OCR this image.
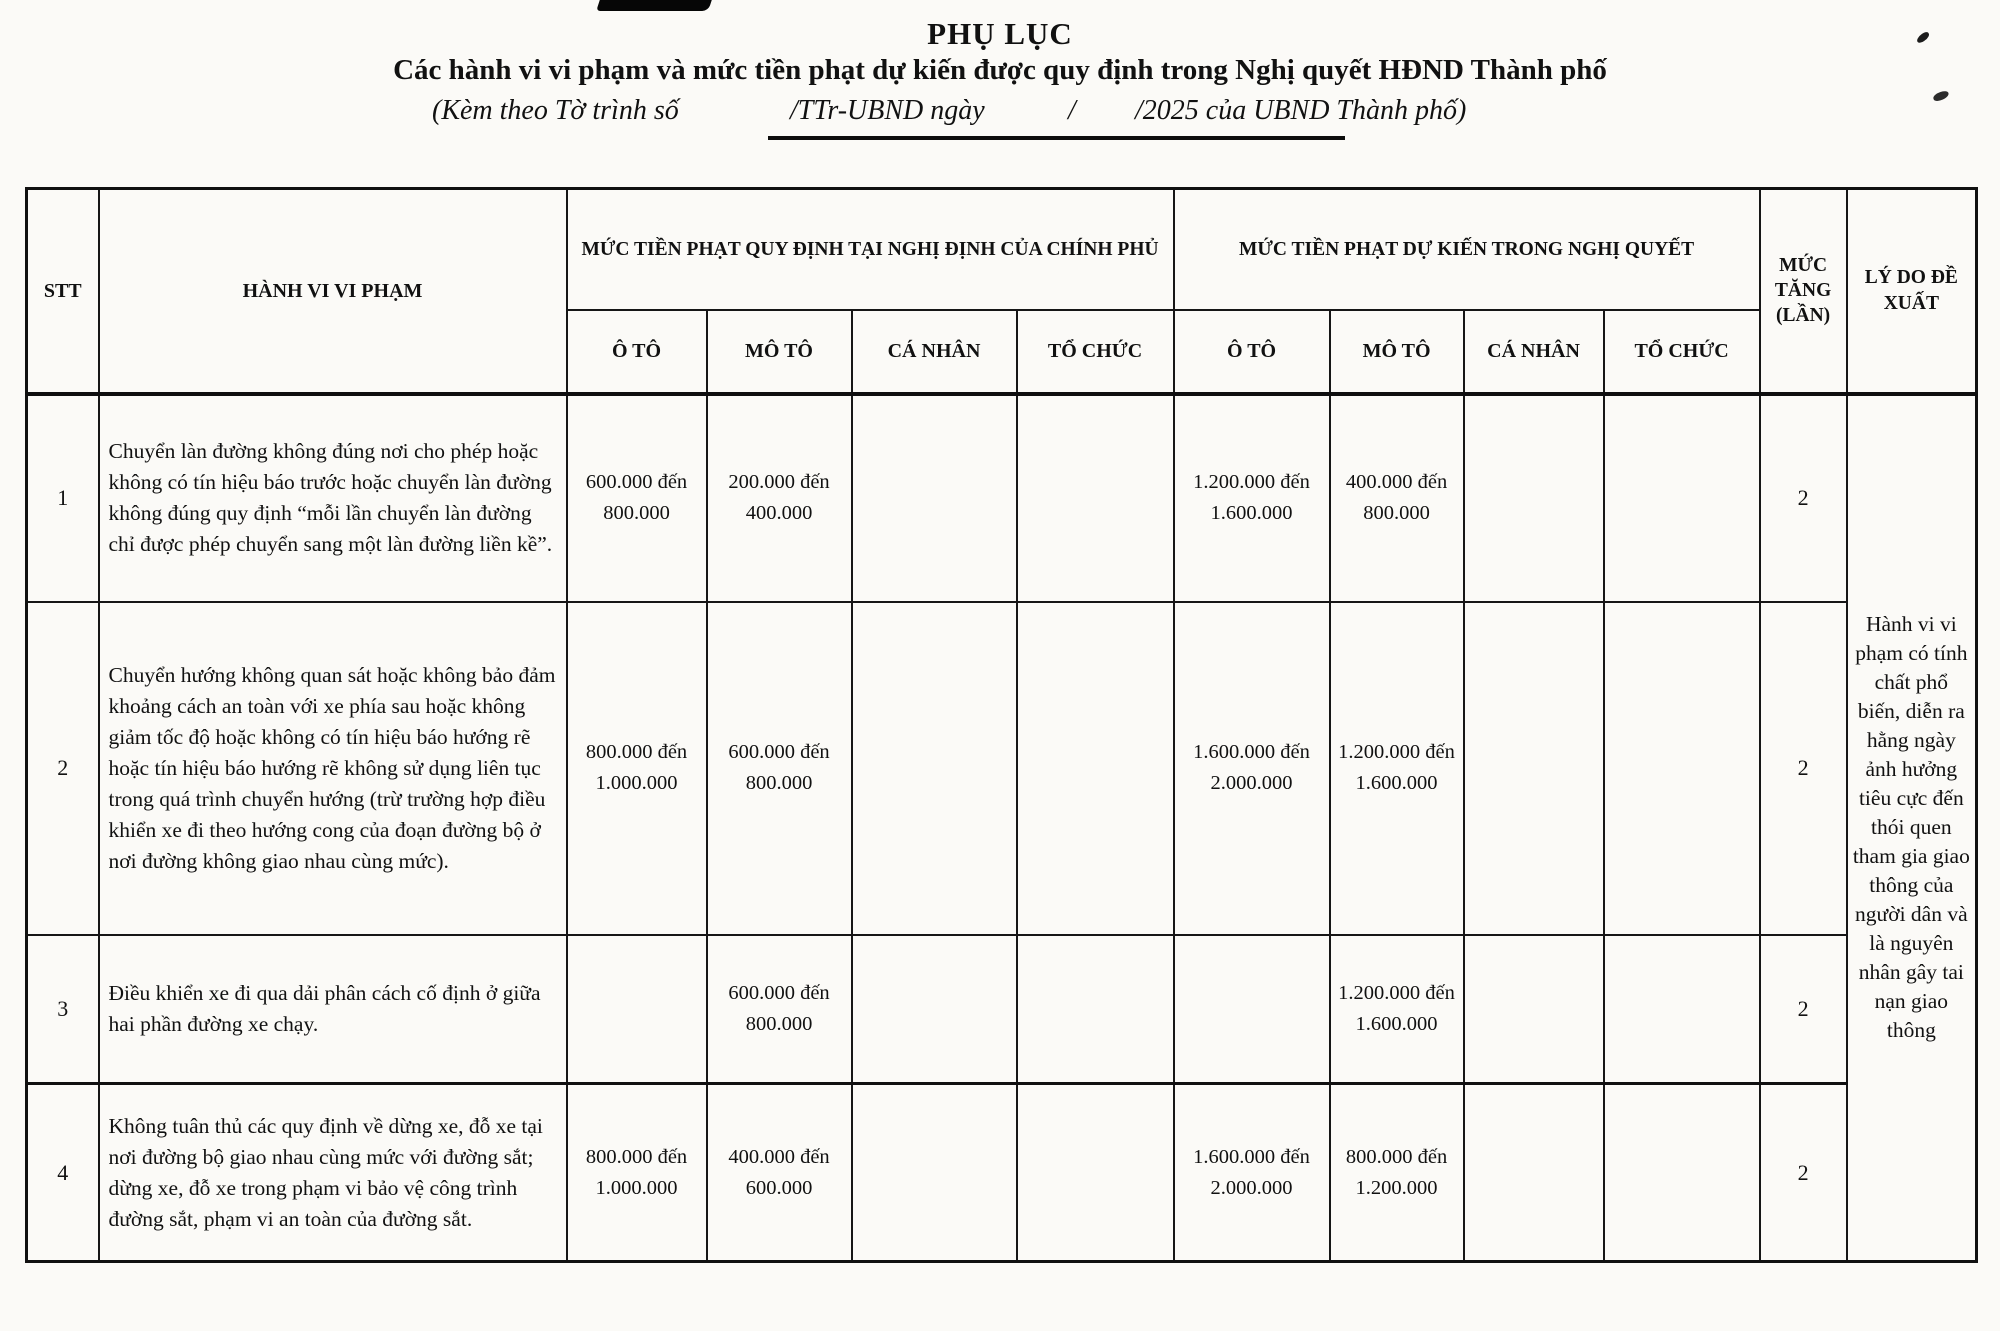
PHỤ LỤC
Các hành vi vi phạm và mức tiền phạt dự kiến được quy định trong Nghị quyết HĐND Thành phố
(Kèm theo Tờ trình số	/TTr-UBND ngày	/ /2025 của UBND Thành phố)
STT	HÀNH VI VI PHẠM	MỨC TIỀN PHẠT QUY ĐỊNH TẠI NGHỊ ĐỊNH CỦA CHÍNH PHỦ				MỨC TIỀN PHẠT DỰ KIẾN TRONG NGHỊ QUYẾT				MỨC TĂNG (LẦN)	LÝ DO ĐỀ XUẤT
		Ô TÔ	MÔ TÔ	CÁ NHÂN	TỔ CHỨC	Ô TÔ	MÔ TÔ	CÁ NHÂN	TỔ CHỨC		
1	Chuyển làn đường không đúng nơi cho phép hoặc không có tín hiệu báo trước hoặc chuyển làn đường không đúng quy định “mỗi lần chuyển làn đường chỉ được phép chuyển sang một làn đường liền kề”.	600.000 đến 800.000	200.000 đến 400.000			1.200.000 đến 1.600.000	400.000 đến 800.000			2	Hành vi vi phạm có tính chất phổ biến, diễn ra hằng ngày ảnh hưởng tiêu cực đến thói quen tham gia giao thông của người dân và là nguyên nhân gây tai nạn giao thông
2	Chuyển hướng không quan sát hoặc không bảo đảm khoảng cách an toàn với xe phía sau hoặc không giảm tốc độ hoặc không có tín hiệu báo hướng rẽ hoặc tín hiệu báo hướng rẽ không sử dụng liên tục trong quá trình chuyển hướng (trừ trường hợp điều khiển xe đi theo hướng cong của đoạn đường bộ ở nơi đường không giao nhau cùng mức).	800.000 đến 1.000.000	600.000 đến 800.000			1.600.000 đến 2.000.000	1.200.000 đến 1.600.000			2	
3	Điều khiển xe đi qua dải phân cách cố định ở giữa hai phần đường xe chạy.		600.000 đến 800.000				1.200.000 đến 1.600.000			2	
4	Không tuân thủ các quy định về dừng xe, đỗ xe tại nơi đường bộ giao nhau cùng mức với đường sắt; dừng xe, đỗ xe trong phạm vi bảo vệ công trình đường sắt, phạm vi an toàn của đường sắt.	800.000 đến 1.000.000	400.000 đến 600.000			1.600.000 đến 2.000.000	800.000 đến 1.200.000			2	
